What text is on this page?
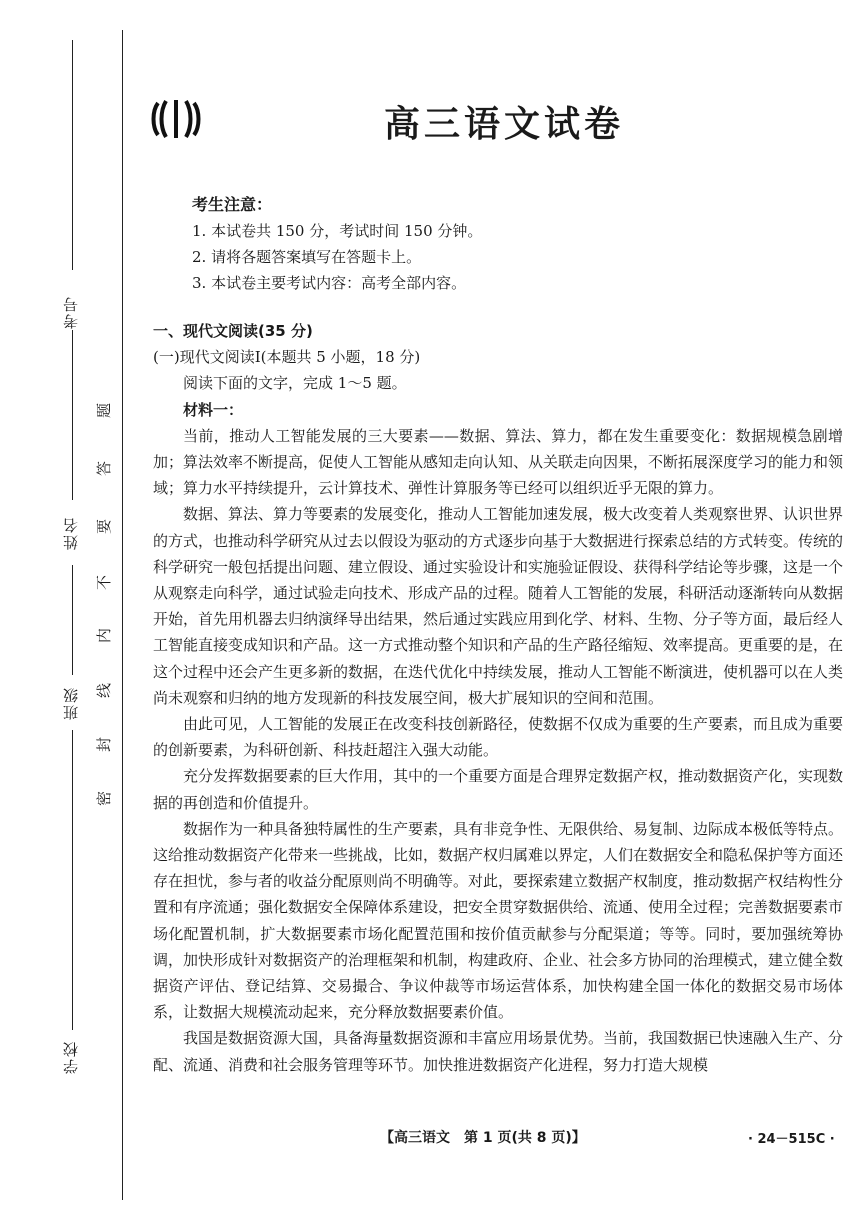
考号
姓名
班级
学校
题
答
要
不
内
线
封
密
高三语文试卷
考生注意：
1. 本试卷共 150 分，考试时间 150 分钟。
2. 请将各题答案填写在答题卡上。
3. 本试卷主要考试内容：高考全部内容。

一、现代文阅读(35 分)

(一)现代文阅读Ⅰ(本题共 5 小题，18 分)

阅读下面的文字，完成 1～5 题。

材料一：

当前，推动人工智能发展的三大要素——数据、算法、算力，都在发生重要变化：数据规模急剧增加；算法效率不断提高，促使人工智能从感知走向认知、从关联走向因果，不断拓展深度学习的能力和领域；算力水平持续提升，云计算技术、弹性计算服务等已经可以组织近乎无限的算力。

数据、算法、算力等要素的发展变化，推动人工智能加速发展，极大改变着人类观察世界、认识世界的方式，也推动科学研究从过去以假设为驱动的方式逐步向基于大数据进行探索总结的方式转变。传统的科学研究一般包括提出问题、建立假设、通过实验设计和实施验证假设、获得科学结论等步骤，这是一个从观察走向科学，通过试验走向技术、形成产品的过程。随着人工智能的发展，科研活动逐渐转向从数据开始，首先用机器去归纳演绎导出结果，然后通过实践应用到化学、材料、生物、分子等方面，最后经人工智能直接变成知识和产品。这一方式推动整个知识和产品的生产路径缩短、效率提高。更重要的是，在这个过程中还会产生更多新的数据，在迭代优化中持续发展，推动人工智能不断演进，使机器可以在人类尚未观察和归纳的地方发现新的科技发展空间，极大扩展知识的空间和范围。

由此可见，人工智能的发展正在改变科技创新路径，使数据不仅成为重要的生产要素，而且成为重要的创新要素，为科研创新、科技赶超注入强大动能。

充分发挥数据要素的巨大作用，其中的一个重要方面是合理界定数据产权，推动数据资产化，实现数据的再创造和价值提升。

数据作为一种具备独特属性的生产要素，具有非竞争性、无限供给、易复制、边际成本极低等特点。这给推动数据资产化带来一些挑战，比如，数据产权归属难以界定，人们在数据安全和隐私保护等方面还存在担忧，参与者的收益分配原则尚不明确等。对此，要探索建立数据产权制度，推动数据产权结构性分置和有序流通；强化数据安全保障体系建设，把安全贯穿数据供给、流通、使用全过程；完善数据要素市场化配置机制，扩大数据要素市场化配置范围和按价值贡献参与分配渠道；等等。同时，要加强统筹协调，加快形成针对数据资产的治理框架和机制，构建政府、企业、社会多方协同的治理模式，建立健全数据资产评估、登记结算、交易撮合、争议仲裁等市场运营体系，加快构建全国一体化的数据交易市场体系，让数据大规模流动起来，充分释放数据要素价值。

我国是数据资源大国，具备海量数据资源和丰富应用场景优势。当前，我国数据已快速融入生产、分配、流通、消费和社会服务管理等环节。加快推进数据资产化进程，努力打造大规模

【高三语文　第 1 页(共 8 页)】	· 24－515C ·
